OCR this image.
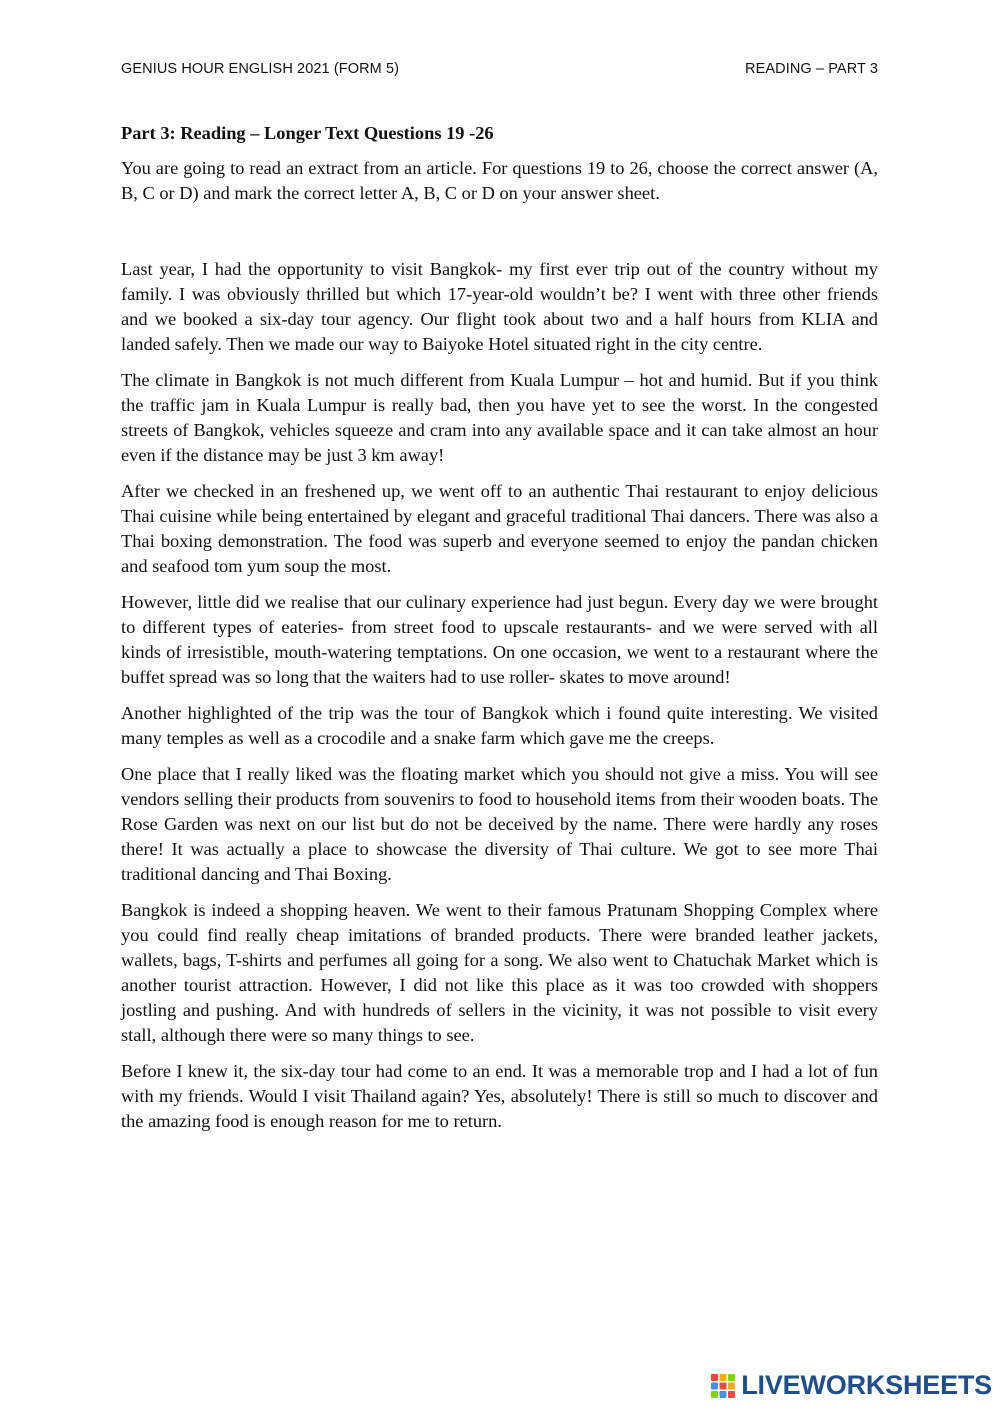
GENIUS HOUR ENGLISH 2021 (FORM 5)	READING – PART 3
Part 3: Reading – Longer Text Questions 19 -26

You are going to read an extract from an article. For questions 19 to 26, choose the correct answer (A, B, C or D) and mark the correct letter A, B, C or D on your answer sheet.

Last year, I had the opportunity to visit Bangkok- my first ever trip out of the country without my family. I was obviously thrilled but which 17-year-old wouldn’t be? I went with three other friends and we booked a six-day tour agency. Our flight took about two and a half hours from KLIA and landed safely. Then we made our way to Baiyoke Hotel situated right in the city centre.

The climate in Bangkok is not much different from Kuala Lumpur – hot and humid. But if you think the traffic jam in Kuala Lumpur is really bad, then you have yet to see the worst. In the congested streets of Bangkok, vehicles squeeze and cram into any available space and it can take almost an hour even if the distance may be just 3 km away!

After we checked in an freshened up, we went off to an authentic Thai restaurant to enjoy delicious Thai cuisine while being entertained by elegant and graceful traditional Thai dancers. There was also a Thai boxing demonstration. The food was superb and everyone seemed to enjoy the pandan chicken and seafood tom yum soup the most.

However, little did we realise that our culinary experience had just begun. Every day we were brought to different types of eateries- from street food to upscale restaurants- and we were served with all kinds of irresistible, mouth-watering temptations. On one occasion, we went to a restaurant where the buffet spread was so long that the waiters had to use roller- skates to move around!

Another highlighted of the trip was the tour of Bangkok which i found quite interesting. We visited many temples as well as a crocodile and a snake farm which gave me the creeps.

One place that I really liked was the floating market which you should not give a miss. You will see vendors selling their products from souvenirs to food to household items from their wooden boats. The Rose Garden was next on our list but do not be deceived by the name. There were hardly any roses there! It was actually a place to showcase the diversity of Thai culture. We got to see more Thai traditional dancing and Thai Boxing.

Bangkok is indeed a shopping heaven. We went to their famous Pratunam Shopping Complex where you could find really cheap imitations of branded products. There were branded leather jackets, wallets, bags, T-shirts and perfumes all going for a song. We also went to Chatuchak Market which is another tourist attraction. However, I did not like this place as it was too crowded with shoppers jostling and pushing. And with hundreds of sellers in the vicinity, it was not possible to visit every stall, although there were so many things to see.

Before I knew it, the six-day tour had come to an end. It was a memorable trop and I had a lot of fun with my friends. Would I visit Thailand again? Yes, absolutely! There is still so much to discover and the amazing food is enough reason for me to return.

LIVEWORKSHEETS
